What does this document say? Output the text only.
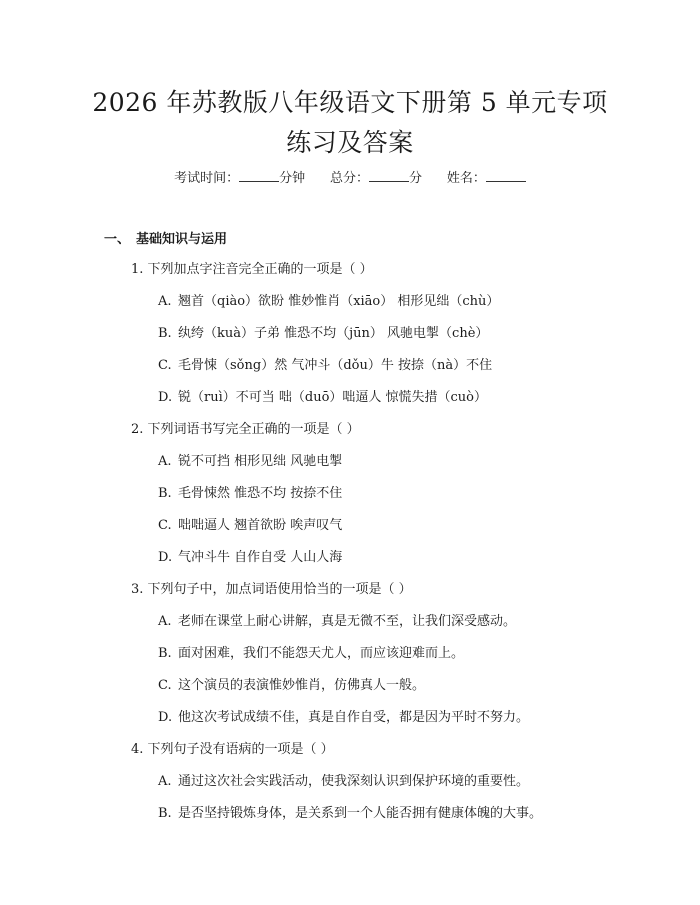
2026 年苏教版八年级语文下册第 5 单元专项
练习及答案
考试时间：	分钟 总分：	分 姓名：
一、 基础知识与运用
1. 下列加点字注音完全正确的一项是（ ）
A. 翘首（qiào）欲盼 惟妙惟肖（xiāo） 相形见绌（chù）
B. 纨绔（kuà）子弟 惟恐不均（jūn） 风驰电掣（chè）
C. 毛骨悚（sǒng）然 气冲斗（dǒu）牛 按捺（nà）不住
D. 锐（ruì）不可当 咄（duō）咄逼人 惊慌失措（cuò）
2. 下列词语书写完全正确的一项是（ ）
A. 锐不可挡 相形见绌 风驰电掣
B. 毛骨悚然 惟恐不均 按捺不住
C. 咄咄逼人 翘首欲盼 唉声叹气
D. 气冲斗牛 自作自受 人山人海
3. 下列句子中，加点词语使用恰当的一项是（ ）
A. 老师在课堂上耐心讲解，真是无微不至，让我们深受感动。
B. 面对困难，我们不能怨天尤人，而应该迎难而上。
C. 这个演员的表演惟妙惟肖，仿佛真人一般。
D. 他这次考试成绩不佳，真是自作自受，都是因为平时不努力。
4. 下列句子没有语病的一项是（ ）
A. 通过这次社会实践活动，使我深刻认识到保护环境的重要性。
B. 是否坚持锻炼身体，是关系到一个人能否拥有健康体魄的大事。
